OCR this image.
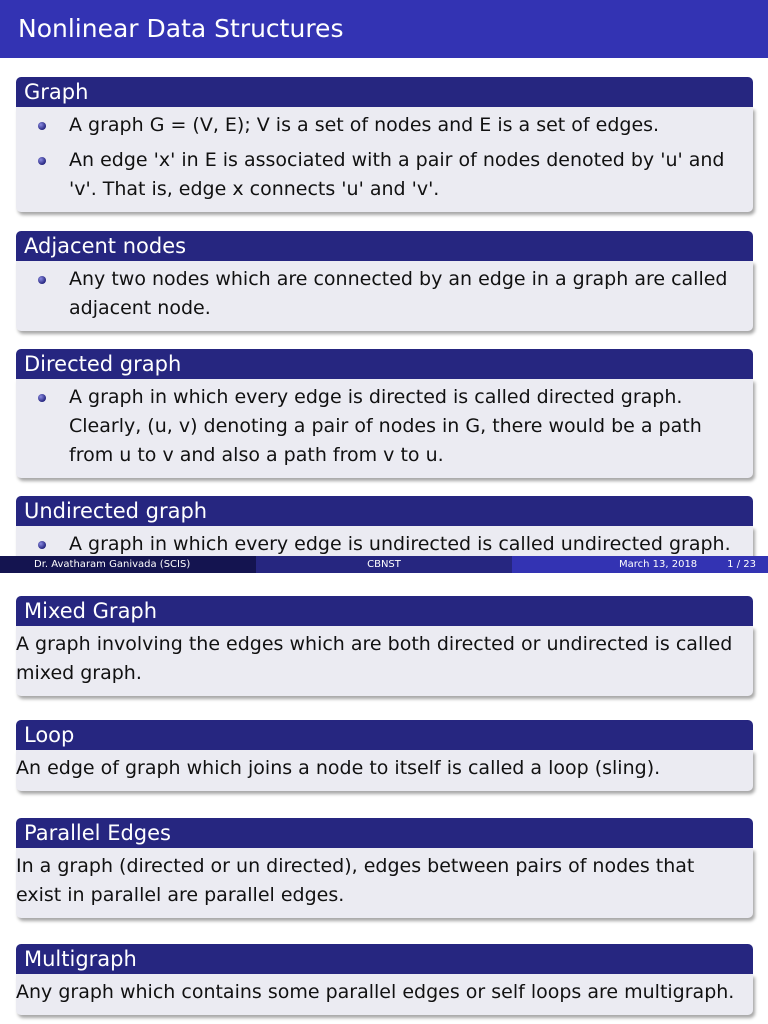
Nonlinear Data Structures
Graph
A graph G = (V, E); V is a set of nodes and E is a set of edges.
An edge 'x' in E is associated with a pair of nodes denoted by 'u' and 'v'. That is, edge x connects 'u' and 'v'.
Adjacent nodes
Any two nodes which are connected by an edge in a graph are called adjacent node.
Directed graph
A graph in which every edge is directed is called directed graph. Clearly, (u, v) denoting a pair of nodes in G, there would be a path from u to v and also a path from v to u.
Undirected graph
A graph in which every edge is undirected is called undirected graph.
Dr. Avatharam Ganivada (SCIS)	CBNST	March 13, 2018	1 / 23
Mixed Graph
A graph involving the edges which are both directed or undirected is called mixed graph.
Loop
An edge of graph which joins a node to itself is called a loop (sling).
Parallel Edges
In a graph (directed or un directed), edges between pairs of nodes that exist in parallel are parallel edges.
Multigraph
Any graph which contains some parallel edges or self loops are multigraph.
